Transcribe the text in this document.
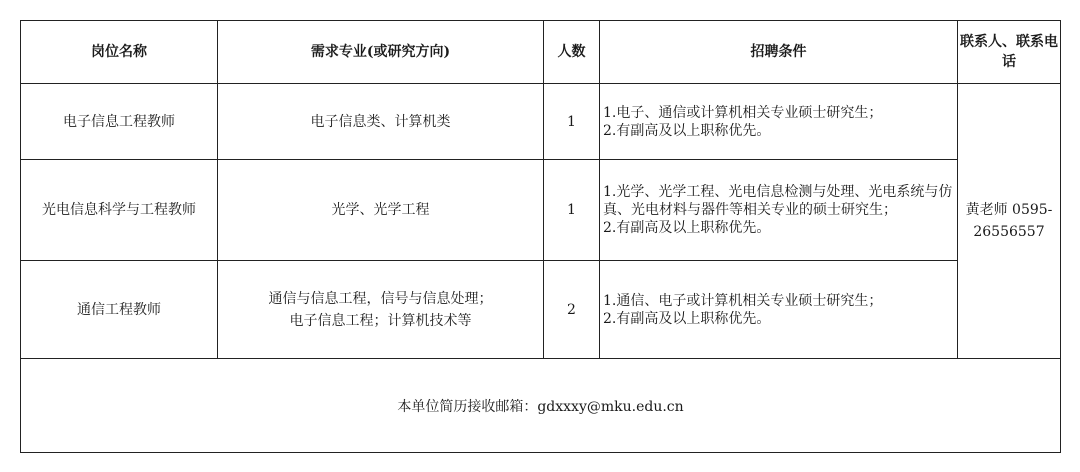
岗位名称	需求专业(或研究方向)	人数	招聘条件	联系人、联系电话
电子信息工程教师	电子信息类、计算机类	1	1.电子、通信或计算机相关专业硕士研究生；
2.有副高及以上职称优先。	黄老师 0595-26556557
光电信息科学与工程教师	光学、光学工程	1	1.光学、光学工程、光电信息检测与处理、光电系统与仿真、光电材料与器件等相关专业的硕士研究生；
2.有副高及以上职称优先。	

通信工程教师	通信与信息工程，信号与信息处理；
电子信息工程；计算机技术等	2	1.通信、电子或计算机相关专业硕士研究生；
2.有副高及以上职称优先。	

本单位简历接收邮箱：gdxxxy@mku.edu.cn				
